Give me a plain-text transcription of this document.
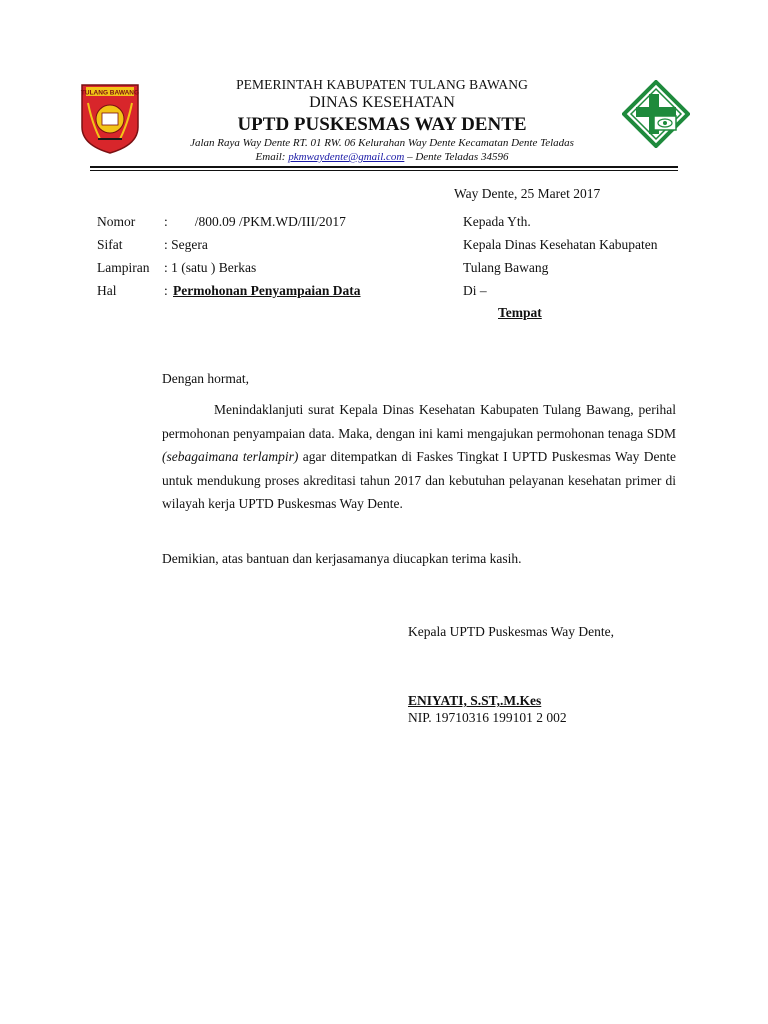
TULANG BAWANG
PEMERINTAH KABUPATEN TULANG BAWANG
DINAS KESEHATAN
UPTD PUSKESMAS WAY DENTE
Jalan Raya Way Dente RT. 01 RW. 06 Kelurahan Way Dente Kecamatan Dente Teladas
Email: pkmwaydente@gmail.com – Dente Teladas 34596
Way Dente, 25 Maret 2017
Nomor :        /800.09 /PKM.WD/III/2017
Sifat	: Segera
Lampiran : 1 (satu ) Berkas
Hal	: Permohonan Penyampaian Data
Kepada Yth.
Kepala Dinas Kesehatan Kabupaten
Tulang Bawang
Di –
Tempat
Dengan hormat,
Menindaklanjuti surat Kepala Dinas Kesehatan Kabupaten Tulang Bawang, perihal permohonan penyampaian data. Maka, dengan ini kami mengajukan permohonan tenaga SDM (sebagaimana terlampir) agar ditempatkan di Faskes Tingkat I UPTD Puskesmas Way Dente untuk mendukung proses akreditasi tahun 2017 dan kebutuhan pelayanan kesehatan primer di wilayah kerja UPTD Puskesmas Way Dente.
Demikian, atas bantuan dan kerjasamanya diucapkan terima kasih.
Kepala UPTD Puskesmas Way Dente,
ENIYATI, S.ST,.M.Kes
NIP. 19710316 199101 2 002
